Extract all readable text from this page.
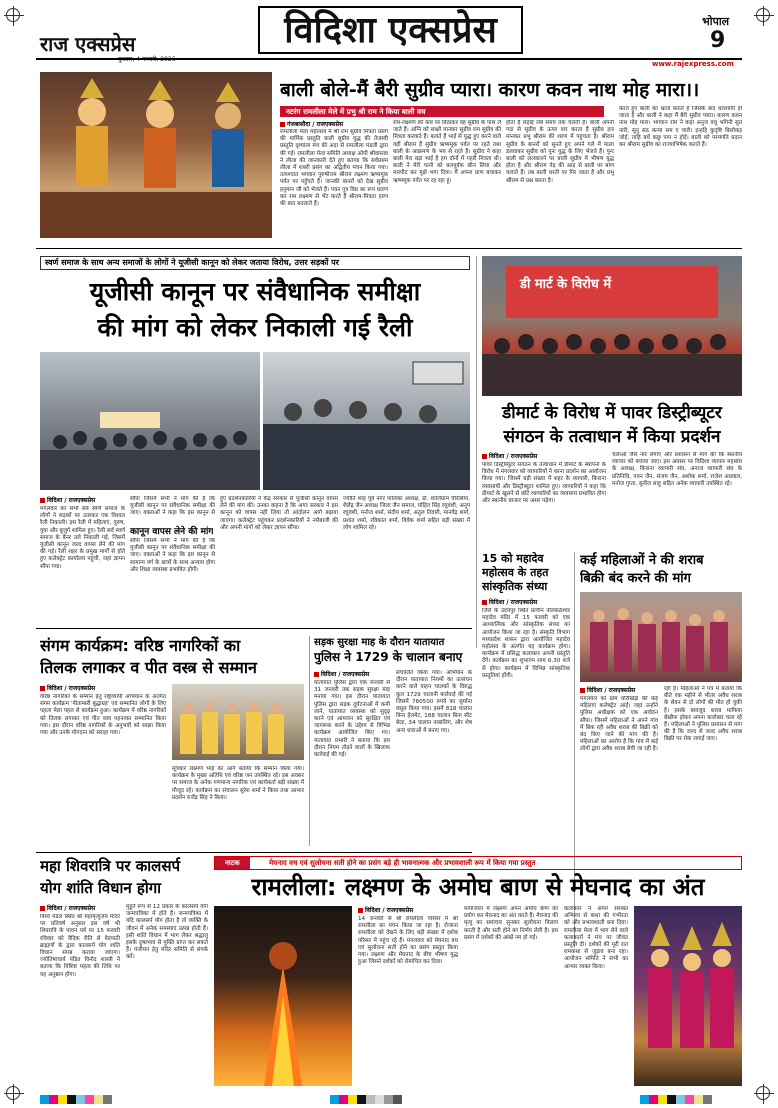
राज एक्सप्रेस	विदिशा एक्सप्रेस	भोपाल
9
www.rajexpress.com
बाली बोले-मैं बैरी सुग्रीव प्यारा। कारण कवन नाथ मोह मारा।।
नटरंग रामलीला मेले में प्रभु श्री राम ने किया बाली वध
गंजबासौदा / राजएक्सप्रेस
रामलीला मेला महोत्सव में श्री राम सुग्रीव मित्रता प्रसंग की मार्मिक प्रस्तुति बाली सुग्रीव युद्ध की तेजस्वी प्रस्तुति दृश्यांत्य मंच की अदा से रामलीला मंडली द्वारा की गई। रामलीला मेला समिति अध्यक्ष ओपी श्रीवास्तव ने लीला की जानकारी देते हुए बताया कि सर्वप्रथम लीला में शबरी प्रसंग का अद्वितीय मंचन किया गया। तत्पश्चात भगवान पुरुषोत्तम श्रीराम लक्ष्मण ऋष्यमूक पर्वत पर पहुँचते हैं। जानकी बानरों को देख सुग्रीव हनुमान जी को भेजते हैं। पवन पुत्र विप्र का रूप धारण कर राम लक्ष्मण से भेंट करते हैं श्रीराम-मित्रता हरण की बात बतलाते हैं।
राम-लक्ष्मण को कंधे पर बिठाकर वह सुग्रीव के पास ले जाते हैं। अग्नि को साक्षी मानकर सुग्रीव राम सुग्रीव की मित्रता करवाते हैं। बताते हैं भाई से युद्ध हुए करने वाले वहीं श्रीराम हैं सुग्रीव ऋष्यमूक पर्वत पर रहते तथा बाली के आक्रमण के भय से रहते हैं। सुग्रीव ने कहा बाली मेरा बड़ा भाई है हम दोनों में गहरी मित्रता थी। बाली ने मेरी पत्नी को बलपूर्वक छीन लिया और मारपीट कर मुझे भगा दिया। मैं अपना प्राण बचाकर ऋष्यमूक पर्वत पर रह रहा हूं।
होता है लड़ाई लंबे समय तक चलती है। बाली अपनी गदा से सुग्रीव के ऊपर वार करता है सुग्रीव हार मानकर प्रभु श्रीराम की शरण में पहुंचता है। श्रीराम सुग्रीव के बानरों को सुनते हुए अपने गले में माला डलवाकर सुग्रीव को पुनः युद्ध के लिए भेजते हैं। पुनः बाली को ललकारने पर बाली सुग्रीव में भीषण युद्ध होता है और श्रीराम पेड़ की आड़ से बाली पर बाण चलाते हैं। तब बाली धरती पर गिर जाता है और प्रभु श्रीराम से प्रश्न करता है।
करते हुए बाली को भ्राता बताते हैं जिसके बाद धराशायी हो जाता है और बाली ने कहा मैं बैरी सुग्रीव प्यारा। कारण कवन नाथ मोह मारा। भगवान राम ने कहा अनुज वधू भगिनी सुत नारी, सुनु सठ कन्या सम ए चारी। इन्हहि कुदृष्टि बिलोकइ जोई, ताहि बधें कछु पाप न होई। बाली को परमगति प्रदान कर श्रीराम सुग्रीव का राज्याभिषेक कराते हैं।
स्वर्ण समाज के साथ अन्य समाजों के लोगों ने यूजीसी कानून को लेकर जताया विरोध, उत्तर सड़कों पर
यूजीसी कानून पर संवैधानिक समीक्षा
की मांग को लेकर निकाली गई रैली
विदिशा / राजएक्सप्रेस
मंगलवार को सभी सर्व स्वर्ण समाज के लोगों ने सड़कों पर उतरकर एक विशाल रैली निकाली। इस रैली में महिलाएं, पुरुष, युवा और बुजुर्ग शामिल हुए। रैली सर्व स्वर्ण समाज के बैनर तले निकाली गई, जिसमें यूजीसी कानून जल्द वापस लेने की मांग की गई। रैली शहर के प्रमुख मार्गों से होते हुए कलेक्ट्रेट कार्यालय पहुंची, जहां ज्ञापन सौंपा गया।
सौंपा जिसमें सभी ने मांग की है कि यूजीसी कानून पर संवैधानिक समीक्षा की जाए। वक्ताओं ने कहा कि इस कानून से
कानून वापस लेने की मांग
सौंपा जिसमें सभी ने मांग की है कि यूजीसी कानून पर संवैधानिक समीक्षा की जाए। वक्ताओं ने कहा कि इस कानून से सामान्य वर्ग के छात्रों के साथ अन्याय होगा और शिक्षा व्यवस्था प्रभावित होगी।
हुए प्रदर्शनकारियों ने केंद्र सरकार से यूजीसी कानून वापस लेने की मांग की। उनका कहना है कि अगर सरकार ने इस कानून को वापस नहीं लिया तो आंदोलन आगे बढ़ाया जाएगा। कलेक्ट्रेट पहुंचकर प्रदर्शनकारियों ने नारेबाजी की और अपनी मांगों को लेकर ज्ञापन सौंपा।
ज्योति शाह पूर्व नगर पालिका अध्यक्ष, डॉ. शालिग्राम चौरसिया, शैलेंद्र जैन अध्यक्ष जिला जैन समाज, मोहित सिंह रघुवंशी, अनूप रघुवंशी, मनोज शर्मा, संदीप शर्मा, अतुल तिवारी, मानवेंद्र शर्मा, प्रशांत शर्मा, रविकांत शर्मा, विवेक शर्मा सहित बड़ी संख्या में लोग शामिल रहे।
डी मार्ट के विरोध में
डीमार्ट के विरोध में पावर डिस्ट्रीब्यूटर
संगठन के तत्वाधान में किया प्रदर्शन
विदिशा / राजएक्सप्रेस
पावर डिस्ट्रीब्यूटर संगठन के तत्वाधान में डीमार्ट के स्थापना के विरोध में मंगलवार को व्यापारियों ने धरना प्रदर्शन का आयोजन किया गया। जिसमें बड़ी संख्या में शहर के व्यापारी, किराना व्यवसायी और डिस्ट्रीब्यूटर शामिल हुए। व्यापारियों ने कहा कि डीमार्ट के खुलने से छोटे व्यापारियों का व्यवसाय प्रभावित होगा और स्थानीय बाजार पर असर पड़ेगा।
चलाओ जैसे नारे लगाए और प्रशासन से मांग की कि स्थानीय व्यापार को बचाया जाए। इस अवसर पर विदिशा व्यापार महासंघ के अध्यक्ष, किराना व्यापारी संघ, अनाज व्यापारी संघ के प्रतिनिधि, पवन जैन, संजय जैन, अशोक शर्मा, राजेश अग्रवाल, मनोज गुप्ता, सुनील साहू सहित अनेक व्यापारी उपस्थित रहे।
15 को महादेव
महोत्सव के तहत
सांस्कृतिक संध्या
विदिशा / राजएक्सप्रेस
जिले के उदयपुर स्थित प्राचीन नीलकंठेश्वर महादेव मंदिर में 15 फरवरी को एक आध्यात्मिक और सांस्कृतिक संध्या का आयोजन किया जा रहा है। संस्कृति विभाग मध्यप्रदेश शासन द्वारा आयोजित महादेव महोत्सव के अंतर्गत यह कार्यक्रम होगा। कार्यक्रम में प्रसिद्ध कलाकार अपनी प्रस्तुति देंगे। कार्यक्रम का शुभारंभ शाम 6.30 बजे से होगा। कार्यक्रम में विभिन्न सांस्कृतिक प्रस्तुतियां होंगी।
कई महिलाओं ने की शराब
बिक्री बंद करने की मांग
विदिशा / राजएक्सप्रेस
मंगलवार को ग्राम धौरीखेड़ा की कई महिलाएं कलेक्ट्रेट आईं। जहां उन्होंने पुलिस अधीक्षक को एक आवेदन सौंपा। जिसमें महिलाओं ने अपने गांव में बिक रही अवैध शराब की बिक्री को बंद किए जाने की मांग की है। महिलाओं का आरोप है कि गांव में कई लोगों द्वारा अवैध शराब बेची जा रही है।
रही हैं। महिलाओं ने पत्र में बताया कि बीते एक महीने से भीतर अवैध शराब के सेवन से दो लोगों की मौत हो चुकी है। इसके बावजूद शराब माफिया बेखौफ होकर अपना कारोबार चला रहे हैं। महिलाओं ने पुलिस प्रशासन से मांग की है कि जल्द से जल्द अवैध शराब बिक्री पर रोक लगाई जाए।
संगम कार्यक्रम: वरिष्ठ नागरिकों का
तिलक लगाकर व पीत वस्त्र से सम्मान
विदिशा / राजएक्सप्रेस
वरिष्ठ नागरिकों के सम्मान हेतु राष्ट्रव्यापी अभियान के अंतर्गत संगम कार्यक्रम 'पीताम्बरी बुद्धाग्रह' एवं सम्मानित लोगों के लिए पहला मेला पहल से कार्यक्रम हुआ। कार्यक्रम में वरिष्ठ नागरिकों को तिलक लगाकर एवं पीत वस्त्र पहनाकर सम्मानित किया गया। इस दौरान वरिष्ठ नागरिकों के अनुभवों को साझा किया गया और उनके योगदान को सराहा गया।
सूत्रधार लक्ष्मण भाई का आगे बताया कि सम्मान किया गया। कार्यक्रम के मुख्य अतिथि एवं वरिष्ठ जन उपस्थित रहे। इस अवसर पर समाज के अनेक गणमान्य नागरिक एवं कार्यकर्ता बड़ी संख्या में मौजूद रहे। कार्यक्रम का संचालन सुरेश शर्मा ने किया तथा आभार प्रदर्शन राजेंद्र सिंह ने किया।
सड़क सुरक्षा माह के दौरान यातायात
पुलिस ने 1729 के चालान बनाए
विदिशा / राजएक्सप्रेस
यातायात पुलिस द्वारा एक जनवरी से 31 जनवरी तक सड़क सुरक्षा माह मनाया गया। इस दौरान यातायात पुलिस द्वारा सड़क दुर्घटनाओं में कमी लाने, यातायात व्यवस्था को सुदृढ़ करने एवं आमजन को सुरक्षित एवं जागरूक करने के उद्देश्य से विभिन्न कार्यक्रम आयोजित किए गए। यातायात प्रभारी ने बताया कि इस दौरान नियम तोड़ने वालों के खिलाफ कार्रवाई की गई।
संचालित किया गया। अभियान के दौरान यातायात नियमों का उल्लंघन करने वाले वाहन चालकों के विरुद्ध कुल 1729 चालानी कार्रवाई की गई जिसमें 780500 रुपये का जुर्माना वसूल किया गया। इसमें 818 चालान बिना हेलमेट, 188 चालान बिना सीट बेल्ट, 34 चालान नाबालिग, और शेष अन्य धाराओं में बनाए गए।
महा शिवरात्रि पर कालसर्प
योग शांति विधान होगा
विदिशा / राजएक्सप्रेस
विश्व मंडल स्थित श्री महामृत्युंजय मंदिर पर प्रतिवर्ष अनुसार इस वर्ष भी शिवरात्रि के पावन पर्व पर 15 फरवरी रविवार को वैदिक रीति से वेदपाठी ब्राह्मणों के द्वारा कालसर्प योग शांति विधान संपन्न कराया जाएगा। ज्योतिषाचार्य पंडित विनोद शास्त्री ने बताया कि विशिष्ट महत्व की तिथि पर यह अनुष्ठान होगा।
मुहूर्त रूप से 12 प्रकार के कालसर्प योग जन्मपत्रिका में होते हैं। जन्मपत्रिका में यदि कालसर्प योग होता है तो व्यक्ति के जीवन में अनेक समस्याएं उत्पन्न होती हैं। इसी शांति विधान में भाग लेकर श्रद्धालु इसके दुष्प्रभाव से मुक्ति प्राप्त कर सकते हैं। पंजीयन हेतु मंदिर समिति से संपर्क करें।
नाटक	मेघनाद वध एवं सुलोचना सती होने का प्रसंग बड़े ही भावनात्मक और प्रभावशाली रूप में किया गया प्रस्तुत
रामलीला: लक्ष्मण के अमोघ बाण से मेघनाद का अंत
विदिशा / राजएक्सप्रेस
14 जनवरी से श्री रामलीला परिसर में श्री रामलीला का मंचन किया जा रहा है। रोजाना रामलीला को देखने के लिए बड़ी संख्या में दर्शक परिसर में पहुंच रहे हैं। मंगलवार को मेघनाद वध एवं सुलोचना सती होने का प्रसंग प्रस्तुत किया गया। लक्ष्मण और मेघनाद के बीच भीषण युद्ध हुआ जिसने दर्शकों को रोमांचित कर दिया।
मायाजाल में लक्ष्मण अपने अमोघ बाण का प्रयोग कर मेघनाद का अंत करते हैं। मेघनाद की मृत्यु का समाचार सुनकर सुलोचना विलाप करती है और सती होने का निर्णय लेती है। इस प्रसंग में दर्शकों की आंखें नम हो गईं।
कलाकार ने अपने सशक्त अभिनय से कथा की गंभीरता को और प्रभावशाली बना दिया। रामलीला मेला में भाग लेने वाले कलाकारों ने मंच पर जीवंत प्रस्तुति दी। दर्शकों की पूरी रात रामकथा से जुड़ाव बना रहा। आयोजन समिति ने सभी का आभार व्यक्त किया।
